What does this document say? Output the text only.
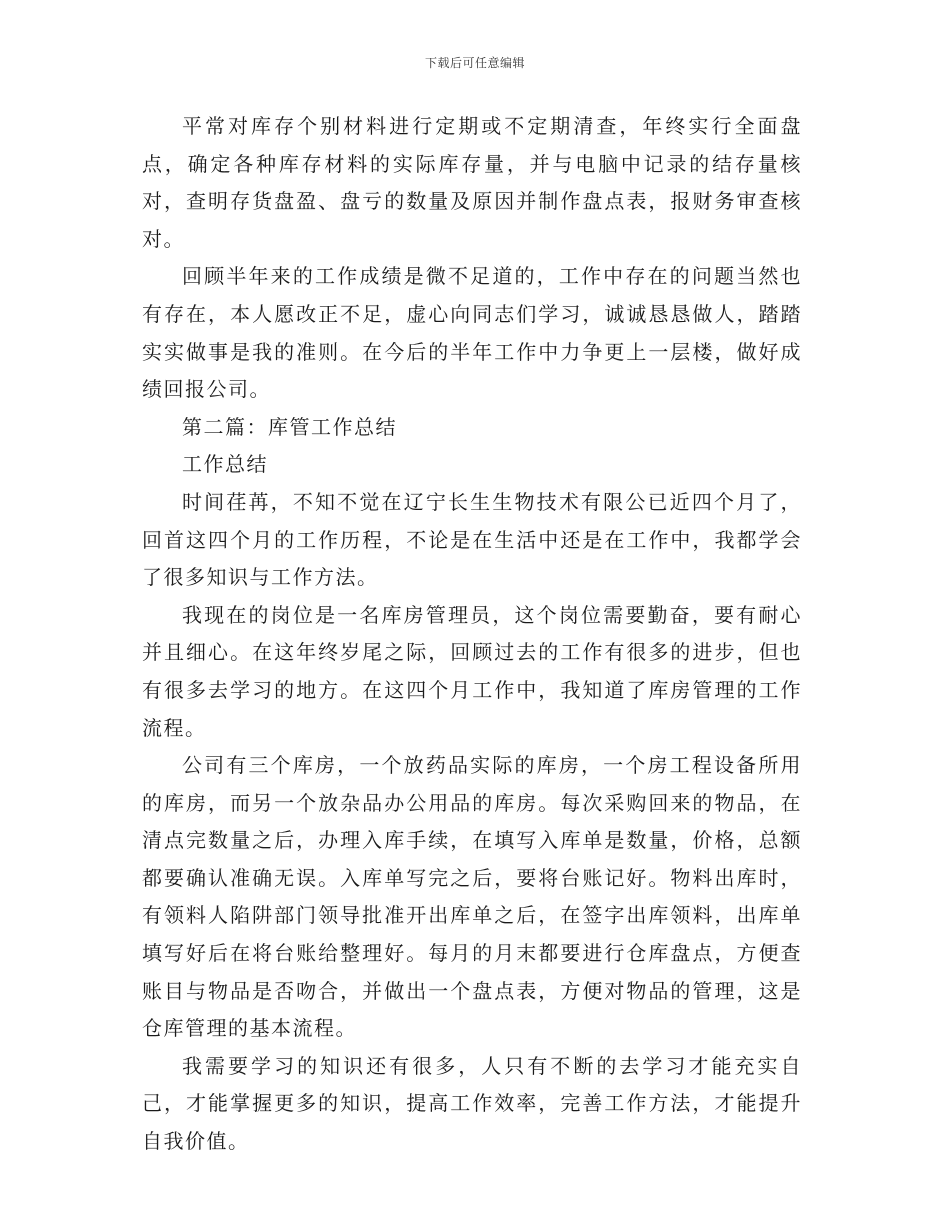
下载后可任意编辑

平常对库存个别材料进行定期或不定期清查，年终实行全面盘点，确定各种库存材料的实际库存量，并与电脑中记录的结存量核对，查明存货盘盈、盘亏的数量及原因并制作盘点表，报财务审查核对。

回顾半年来的工作成绩是微不足道的，工作中存在的问题当然也有存在，本人愿改正不足，虚心向同志们学习，诚诚恳恳做人，踏踏实实做事是我的准则。在今后的半年工作中力争更上一层楼，做好成绩回报公司。

第二篇：库管工作总结

工作总结

时间荏苒，不知不觉在辽宁长生生物技术有限公已近四个月了，回首这四个月的工作历程，不论是在生活中还是在工作中，我都学会了很多知识与工作方法。

我现在的岗位是一名库房管理员，这个岗位需要勤奋，要有耐心并且细心。在这年终岁尾之际，回顾过去的工作有很多的进步，但也有很多去学习的地方。在这四个月工作中，我知道了库房管理的工作流程。

公司有三个库房，一个放药品实际的库房，一个房工程设备所用的库房，而另一个放杂品办公用品的库房。每次采购回来的物品，在清点完数量之后，办理入库手续，在填写入库单是数量，价格，总额都要确认准确无误。入库单写完之后，要将台账记好。物料出库时，有领料人陷阱部门领导批准开出库单之后，在签字出库领料，出库单填写好后在将台账给整理好。每月的月末都要进行仓库盘点，方便查账目与物品是否吻合，并做出一个盘点表，方便对物品的管理，这是仓库管理的基本流程。

我需要学习的知识还有很多，人只有不断的去学习才能充实自己，才能掌握更多的知识，提高工作效率，完善工作方法，才能提升自我价值。
